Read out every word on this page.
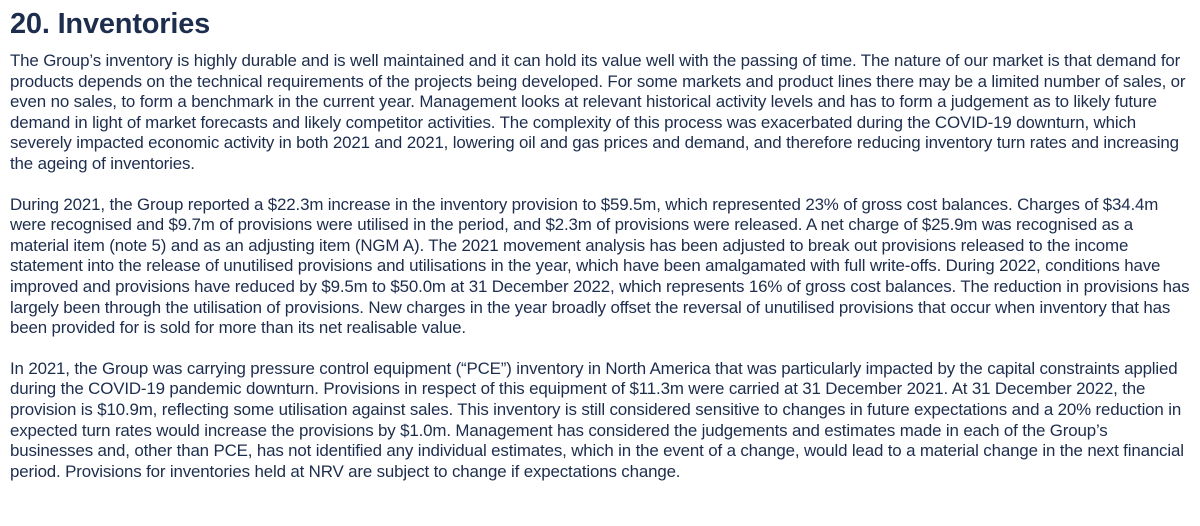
20. Inventories

The Group’s inventory is highly durable and is well maintained and it can hold its value well with the passing of time. The nature of our market is that demand for products depends on the technical requirements of the projects being developed. For some markets and product lines there may be a limited number of sales, or even no sales, to form a benchmark in the current year. Management looks at relevant historical activity levels and has to form a judgement as to likely future demand in light of market forecasts and likely competitor activities. The complexity of this process was exacerbated during the COVID-19 downturn, which severely impacted economic activity in both 2021 and 2021, lowering oil and gas prices and demand, and therefore reducing inventory turn rates and increasing the ageing of inventories.

During 2021, the Group reported a $22.3m increase in the inventory provision to $59.5m, which represented 23% of gross cost balances. Charges of $34.4m were recognised and $9.7m of provisions were utilised in the period, and $2.3m of provisions were released. A net charge of $25.9m was recognised as a material item (note 5) and as an adjusting item (NGM A). The 2021 movement analysis has been adjusted to break out provisions released to the income statement into the release of unutilised provisions and utilisations in the year, which have been amalgamated with full write-offs. During 2022, conditions have improved and provisions have reduced by $9.5m to $50.0m at 31 December 2022, which represents 16% of gross cost balances. The reduction in provisions has largely been through the utilisation of provisions. New charges in the year broadly offset the reversal of unutilised provisions that occur when inventory that has been provided for is sold for more than its net realisable value.

In 2021, the Group was carrying pressure control equipment (“PCE”) inventory in North America that was particularly impacted by the capital constraints applied during the COVID-19 pandemic downturn. Provisions in respect of this equipment of $11.3m were carried at 31 December 2021. At 31 December 2022, the provision is $10.9m, reflecting some utilisation against sales. This inventory is still considered sensitive to changes in future expectations and a 20% reduction in expected turn rates would increase the provisions by $1.0m. Management has considered the judgements and estimates made in each of the Group’s businesses and, other than PCE, has not identified any individual estimates, which in the event of a change, would lead to a material change in the next financial period. Provisions for inventories held at NRV are subject to change if expectations change.
